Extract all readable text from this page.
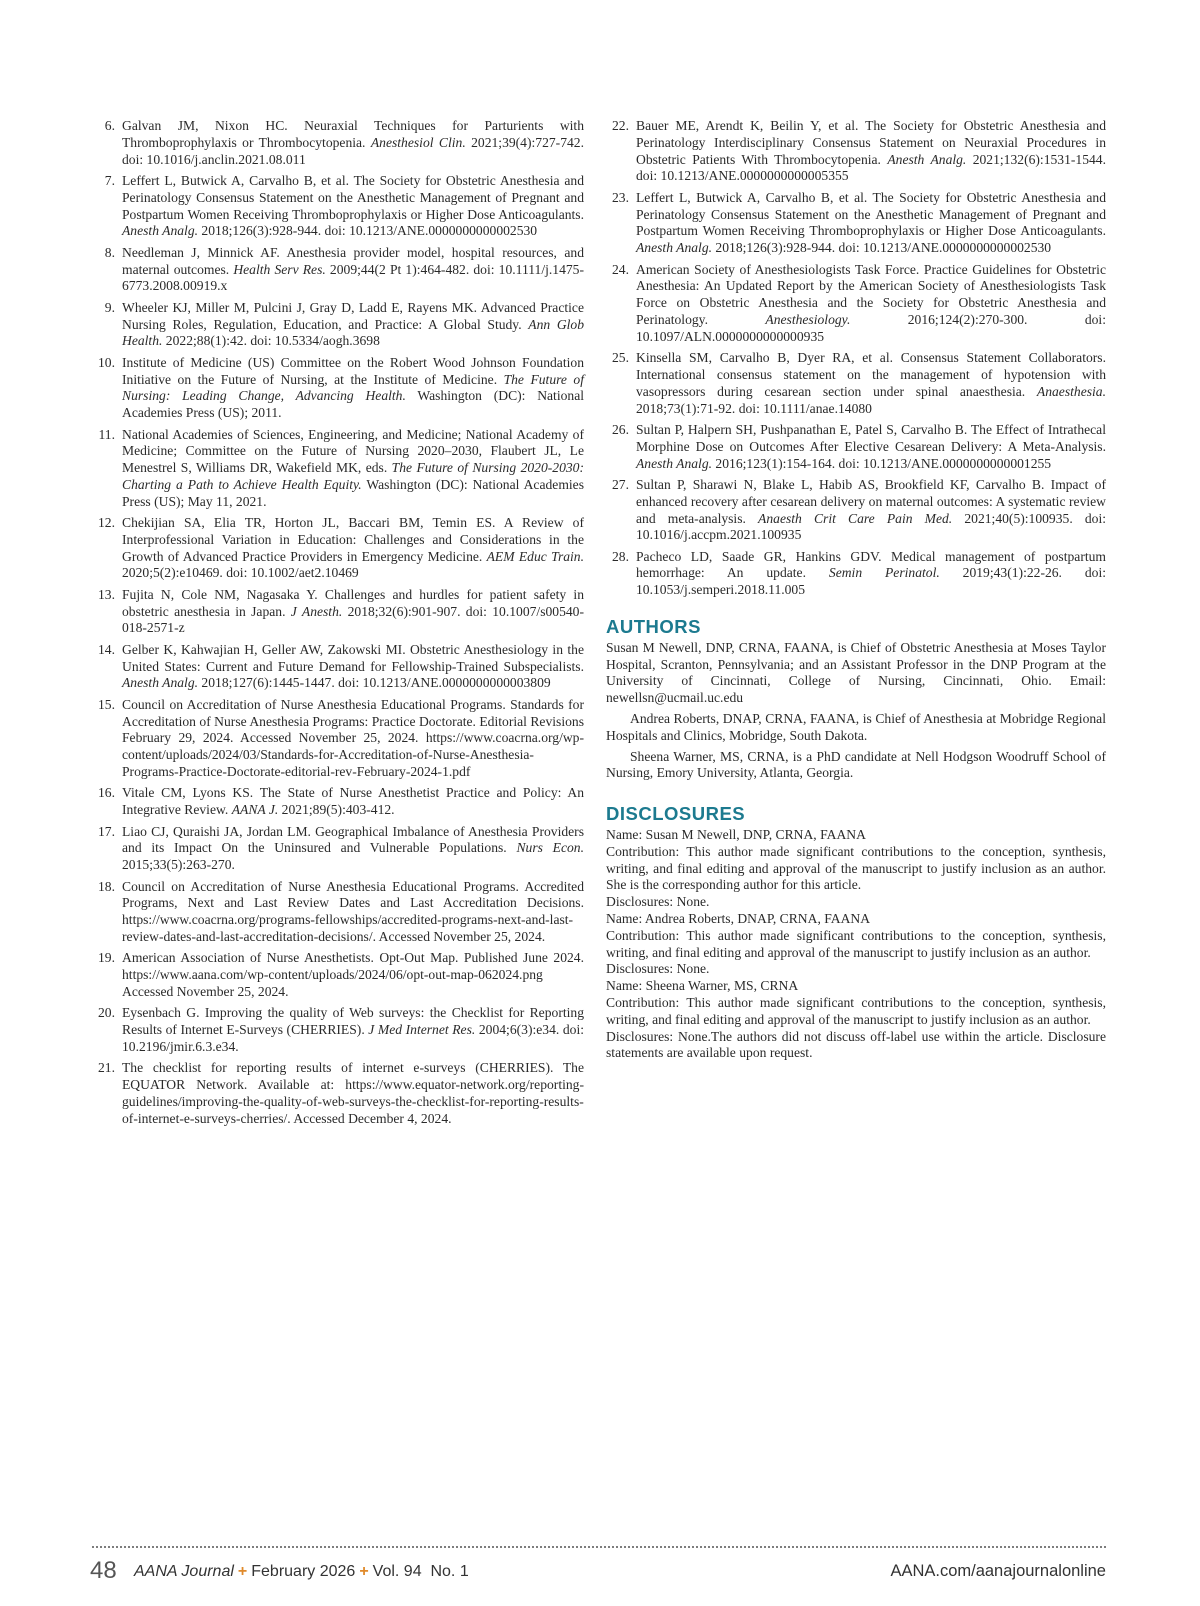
6. Galvan JM, Nixon HC. Neuraxial Techniques for Parturients with Thromboprophylaxis or Thrombocytopenia. Anesthesiol Clin. 2021;39(4):727-742. doi: 10.1016/j.anclin.2021.08.011
7. Leffert L, Butwick A, Carvalho B, et al. The Society for Obstetric Anesthesia and Perinatology Consensus Statement on the Anesthetic Management of Pregnant and Postpartum Women Receiving Thromboprophylaxis or Higher Dose Anticoagulants. Anesth Analg. 2018;126(3):928-944. doi: 10.1213/ANE.0000000000002530
8. Needleman J, Minnick AF. Anesthesia provider model, hospital resources, and maternal outcomes. Health Serv Res. 2009;44(2 Pt 1):464-482. doi: 10.1111/j.1475-6773.2008.00919.x
9. Wheeler KJ, Miller M, Pulcini J, Gray D, Ladd E, Rayens MK. Advanced Practice Nursing Roles, Regulation, Education, and Practice: A Global Study. Ann Glob Health. 2022;88(1):42. doi: 10.5334/aogh.3698
10. Institute of Medicine (US) Committee on the Robert Wood Johnson Foundation Initiative on the Future of Nursing, at the Institute of Medicine. The Future of Nursing: Leading Change, Advancing Health. Washington (DC): National Academies Press (US); 2011.
11. National Academies of Sciences, Engineering, and Medicine; National Academy of Medicine; Committee on the Future of Nursing 2020–2030, Flaubert JL, Le Menestrel S, Williams DR, Wakefield MK, eds. The Future of Nursing 2020-2030: Charting a Path to Achieve Health Equity. Washington (DC): National Academies Press (US); May 11, 2021.
12. Chekijian SA, Elia TR, Horton JL, Baccari BM, Temin ES. A Review of Interprofessional Variation in Education: Challenges and Considerations in the Growth of Advanced Practice Providers in Emergency Medicine. AEM Educ Train. 2020;5(2):e10469. doi: 10.1002/aet2.10469
13. Fujita N, Cole NM, Nagasaka Y. Challenges and hurdles for patient safety in obstetric anesthesia in Japan. J Anesth. 2018;32(6):901-907. doi: 10.1007/s00540-018-2571-z
14. Gelber K, Kahwajian H, Geller AW, Zakowski MI. Obstetric Anesthesiology in the United States: Current and Future Demand for Fellowship-Trained Subspecialists. Anesth Analg. 2018;127(6):1445-1447. doi: 10.1213/ANE.0000000000003809
15. Council on Accreditation of Nurse Anesthesia Educational Programs. Standards for Accreditation of Nurse Anesthesia Programs: Practice Doctorate. Editorial Revisions February 29, 2024. Accessed November 25, 2024. https://www.coacrna.org/wp-content/uploads/2024/03/Standards-for-Accreditation-of-Nurse-Anesthesia-Programs-Practice-Doctorate-editorial-rev-February-2024-1.pdf
16. Vitale CM, Lyons KS. The State of Nurse Anesthetist Practice and Policy: An Integrative Review. AANA J. 2021;89(5):403-412.
17. Liao CJ, Quraishi JA, Jordan LM. Geographical Imbalance of Anesthesia Providers and its Impact On the Uninsured and Vulnerable Populations. Nurs Econ. 2015;33(5):263-270.
18. Council on Accreditation of Nurse Anesthesia Educational Programs. Accredited Programs, Next and Last Review Dates and Last Accreditation Decisions. https://www.coacrna.org/programs-fellowships/accredited-programs-next-and-last-review-dates-and-last-accreditation-decisions/. Accessed November 25, 2024.
19. American Association of Nurse Anesthetists. Opt-Out Map. Published June 2024. https://www.aana.com/wp-content/uploads/2024/06/opt-out-map-062024.png Accessed November 25, 2024.
20. Eysenbach G. Improving the quality of Web surveys: the Checklist for Reporting Results of Internet E-Surveys (CHERRIES). J Med Internet Res. 2004;6(3):e34. doi: 10.2196/jmir.6.3.e34.
21. The checklist for reporting results of internet e-surveys (CHERRIES). The EQUATOR Network. Available at: https://www.equator-network.org/reporting-guidelines/improving-the-quality-of-web-surveys-the-checklist-for-reporting-results-of-internet-e-surveys-cherries/. Accessed December 4, 2024.
22. Bauer ME, Arendt K, Beilin Y, et al. The Society for Obstetric Anesthesia and Perinatology Interdisciplinary Consensus Statement on Neuraxial Procedures in Obstetric Patients With Thrombocytopenia. Anesth Analg. 2021;132(6):1531-1544. doi: 10.1213/ANE.0000000000005355
23. Leffert L, Butwick A, Carvalho B, et al. The Society for Obstetric Anesthesia and Perinatology Consensus Statement on the Anesthetic Management of Pregnant and Postpartum Women Receiving Thromboprophylaxis or Higher Dose Anticoagulants. Anesth Analg. 2018;126(3):928-944. doi: 10.1213/ANE.0000000000002530
24. American Society of Anesthesiologists Task Force. Practice Guidelines for Obstetric Anesthesia: An Updated Report by the American Society of Anesthesiologists Task Force on Obstetric Anesthesia and the Society for Obstetric Anesthesia and Perinatology. Anesthesiology. 2016;124(2):270-300. doi: 10.1097/ALN.0000000000000935
25. Kinsella SM, Carvalho B, Dyer RA, et al. Consensus Statement Collaborators. International consensus statement on the management of hypotension with vasopressors during cesarean section under spinal anaesthesia. Anaesthesia. 2018;73(1):71-92. doi: 10.1111/anae.14080
26. Sultan P, Halpern SH, Pushpanathan E, Patel S, Carvalho B. The Effect of Intrathecal Morphine Dose on Outcomes After Elective Cesarean Delivery: A Meta-Analysis. Anesth Analg. 2016;123(1):154-164. doi: 10.1213/ANE.0000000000001255
27. Sultan P, Sharawi N, Blake L, Habib AS, Brookfield KF, Carvalho B. Impact of enhanced recovery after cesarean delivery on maternal outcomes: A systematic review and meta-analysis. Anaesth Crit Care Pain Med. 2021;40(5):100935. doi: 10.1016/j.accpm.2021.100935
28. Pacheco LD, Saade GR, Hankins GDV. Medical management of postpartum hemorrhage: An update. Semin Perinatol. 2019;43(1):22-26. doi: 10.1053/j.semperi.2018.11.005
AUTHORS

Susan M Newell, DNP, CRNA, FAANA, is Chief of Obstetric Anesthesia at Moses Taylor Hospital, Scranton, Pennsylvania; and an Assistant Professor in the DNP Program at the University of Cincinnati, College of Nursing, Cincinnati, Ohio. Email: newellsn@ucmail.uc.edu

Andrea Roberts, DNAP, CRNA, FAANA, is Chief of Anesthesia at Mobridge Regional Hospitals and Clinics, Mobridge, South Dakota.

Sheena Warner, MS, CRNA, is a PhD candidate at Nell Hodgson Woodruff School of Nursing, Emory University, Atlanta, Georgia.

DISCLOSURES

Name: Susan M Newell, DNP, CRNA, FAANA

Contribution: This author made significant contributions to the conception, synthesis, writing, and final editing and approval of the manuscript to justify inclusion as an author. She is the corresponding author for this article.

Disclosures: None.

Name: Andrea Roberts, DNAP, CRNA, FAANA

Contribution: This author made significant contributions to the conception, synthesis, writing, and final editing and approval of the manuscript to justify inclusion as an author.

Disclosures: None.

Name: Sheena Warner, MS, CRNA

Contribution: This author made significant contributions to the conception, synthesis, writing, and final editing and approval of the manuscript to justify inclusion as an author.

Disclosures: None.The authors did not discuss off-label use within the article. Disclosure statements are available upon request.

48 AANA Journal + February 2026 + Vol. 94  No. 1	AANA.com/aanajournalonline
